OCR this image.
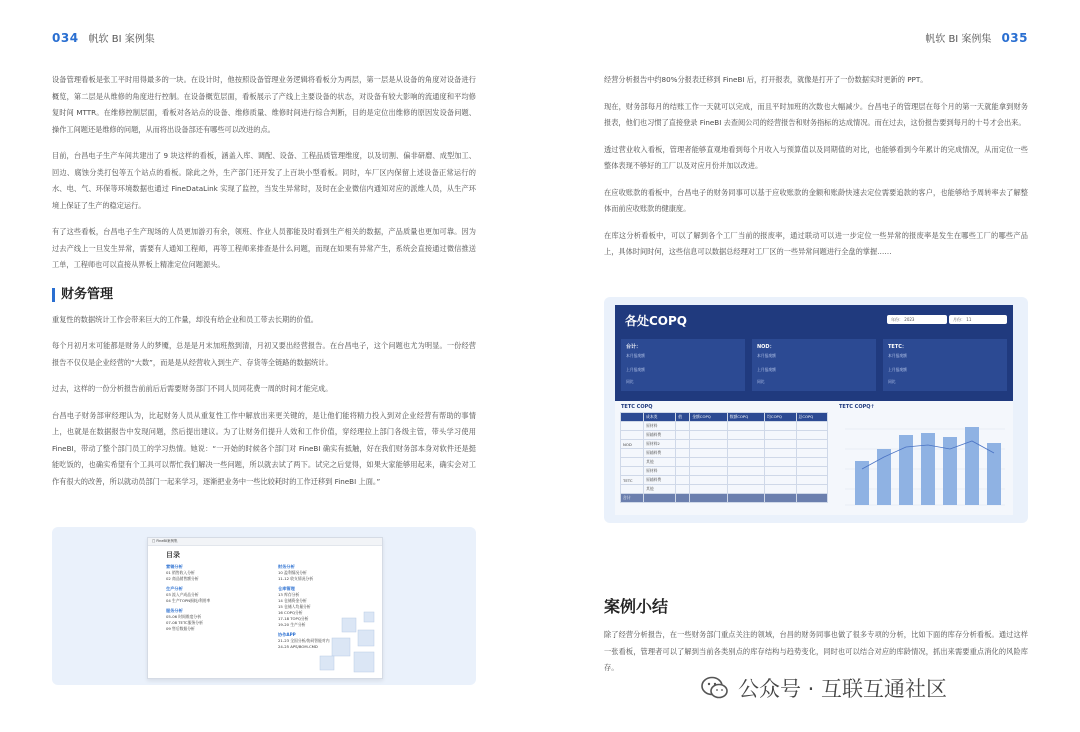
034 帆软 BI 案例集

设备管理看板是张工平时用得最多的一块。在设计时，他按照设备管理业务逻辑将看板分为两层，第一层是从设备的角度对设备进行概览，第二层是从维修的角度进行控制。在设备概览层面，看板展示了产线上主要设备的状态，对设备有较大影响的流通度和平均修复时间 MTTR。在维修控制层面，看板对各站点的设备、维修质量、维修时间进行综合判断，目的是定位出维修的原因发设备问题、操作工间题还是维修的问题，从而将出设备部还有哪些可以改进的点。

目前，台昌电子生产车间共建出了 9 块这样的看板，涵盖入库、调配、设备、工程品质管理维度，以及切割、偏非研磨、成型加工、回边、腐蚀分类打包等五个站点的看板。除此之外，生产部门还开发了上百块小型看板。同时，车厂区内保留上述设备正常运行的水、电、气、环保等环境数据也通过 FineDataLink 实现了监控，当发生异常时，及时在企业微信内通知对应的派维人员，从生产环境上保证了生产的稳定运行。

有了这些看板，台昌电子生产现场的人员更加游刃有余，领班、作业人员都能及时看到生产相关的数据，产品质量也更加可靠。因为过去产线上一旦发生异常，需要有人通知工程师，再等工程师来排查是什么问题，而现在如果有异常产生，系统会直接通过微信推送工单，工程师也可以直接从界板上精准定位问题源头。

财务管理

重复性的数据统计工作会带来巨大的工作量，却没有给企业和员工带去长期的价值。

每个月初月末可能都是财务人的梦魇，总是是月末加班熬到清，月初又要出经营报告。在台昌电子，这个问题也尤为明显。一份经营报告不仅仅是企业经营的“大数”，而是是从经营收入到生产、存货等全链路的数据统计。

过去，这样的一份分析报告前前后后需要财务部门不同人员同花费一周的时间才能完成。

台昌电子财务部审经理认为，比起财务人员从重复性工作中解放出来更关键的，是让他们能将精力投入到对企业经营有帮助的事情上，也就是在数据报告中发现问题，然后提出建议。为了让财务们提升人效和工作价值，穿经理拉上部门各级主管，带头学习使用 FineBI，带动了整个部门员工的学习热情。她说：“一开始的时候各个部门对 FineBI 确实有抵触，好在我们财务部本身对软件还是挺能吃饭的，也确实希望有个工具可以帮忙我们解决一些问题，所以就去试了两下。试完之后觉得，如果大家能够用起来，确实会对工作有很大的改善，所以就动员部门一起来学习，逐渐把业务中一些比较耗时的工作迁移到 FineBI 上面。”

□ FineBI案例集
目录
营销分析
01 销售收入分析
02 商品销售额分析
生产分析
03 流入产成品分析
04 生产TOPN损耗/利用率
服务分析
05-06 时间维度分析
07-08 TETC服务分析
09 售后数据分析
财务分析
10 盈利情况分析
11-12 收支情况分析
仓库管理
13 库存分析
14 仓储资金分析
15 仓储人均量分析
16 COPQ分析
17-18 TOPQ分析
19-20 生产分析
协作APP
21-23 全国分析/协同智能对内
24-25 APS/BOM-CMD
帆软 BI 案例集 035

经营分析报告中约80%分报表迁移到 FineBI 后，打开报表，就像是打开了一份数据实时更新的 PPT。

现在，财务部每月的结账工作一天就可以完成，而且平时加班的次数也大幅减少。台昌电子的管理层在每个月的第一天就能拿到财务报表，他们也习惯了直接登录 FineBI 去查阅公司的经营报告和财务指标的达成情况。而在过去，这份报告要到每月的十号才会出来。

透过营业收入看板，管理者能够直观地看到每个月收入与预算值以及同期值的对比，也能够看到今年累计的完成情况，从而定位一些整体表现不够好的工厂以及对应月份并加以改进。

在应收账款的看板中，台昌电子的财务同事可以基于应收账款的金额和账龄快速去定位需要追款的客户，也能够给予周转率去了解整体而前应收账款的健康度。

在库这分析看板中，可以了解到各个工厂当前的报废率，通过联动可以进一步定位一些异常的报废率是发生在哪些工厂的哪些产品上，具体时间时何，这些信息可以数据总经理对工厂区的一些异常问题进行全盘的掌握……

案例小结

除了经营分析报告，在一些财务部门重点关注的领域，台昌的财务同事也做了很多专项的分析，比如下面的库存分析看板。通过这样一张看板，管理者可以了解到当前各类别点的库存结构与趋势变化，同时也可以结合对应的库龄情况，抓出来需要重点消化的风险库存。

各处COPQ	年份： 2023	月份： 11
台计：
本月报废额
上月报废额
同比
NOD：
本月报废额
上月报废额
同比
TETC：
本月报废额
上月报废额
同比
TETC COPQ	TETC COPQ↑
	成本类	值	金额COPQ	数额COPQ	均COPQ	总COPQ
	原材料					
	原辅料费					
NOD	原材料2					
	原辅料费					
	其他					
	原材料					
TETC	原辅料费					
	其他					
合计						
公众号 · 互联互通社区
